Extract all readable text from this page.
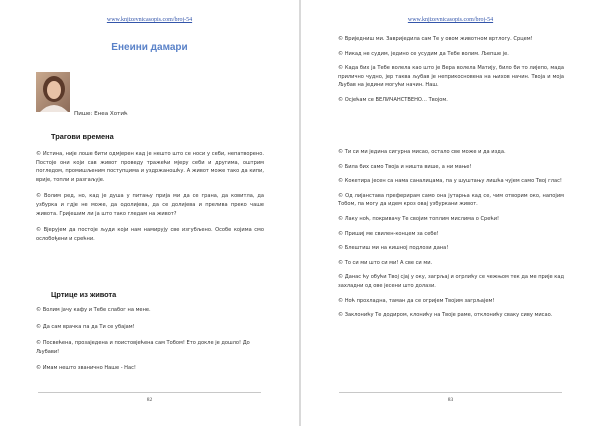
www.knjizevnicasopis.com/broj-54
Енеини дамари
Пише: Енеа Хотић
Трагови времена

© Истина, није лоше бити одмјерен кад је нешто што се носи у себи, непатворено. Постоје они који сав живот проведу тражећи мјеру себи и другима, оштрим погледом, промишљеним поступцима и уздржаношћу. А живот може тако да кипи, врије, топли и разгаљује.

© Волим ред, но, кад је душа у питању прија ми да се грана, да ковитла, да узбурка и гдје не може, да одолијева, да се долијева и прелива прeко чаше живота. Гријешим ли ја што тако гледам на живот?

© Вјерујем да постоје људи који нам намирују све изгубљено. Особе којима смо ослобођени и срећни.

Цртице из живота

© Волим јачу кафу и Тебе слабог на мене.

© Да сам врачка па да Ти се убајам!

© Посвећена, прoзаједена и поистовјећена сам Тобом! Ето докле је дошло! До Љубави!

© Имам нешто званично Наше - Нас!

82
www.knjizevnicasopis.com/broj-54

© Вриједниш ми. Завриједила сам Те у овом животном вртлогу. Срцем!

© Никад не судим, једино се усудим да Тебе волим. Љепше је.

© Када бих ја Тебе волела као што је Вера волела Матију, било би то лијепо, мада прилично чудно, јер таква љубав је неприкосновена на њихов начин. Твоја и моја Љубав на једини могући начин. Наш.

© Осјећам се ВЕЛИЧАНСТВЕНО… Твојом.

© Ти си ми једина сигурна мисао, остало све може и да изда.

© Била бих само Твоја и ништа више, а ни мање!

© Кокетира јесен са нама саналицама, па у шуштању лишћа чујем само Твој глас!

© Од лијанстава преферирам само она јутарња кад се, чим отворим око, напојим Тобом, па могу да идем кроз овај узбуркани живот.

© Лаку ноћ, покривачу Те својим топлим мислима о Срећи!

© Пришиј ме свилен-концем за себе!

© Блештиш ми на кишној подлози дана!

© То си ми што си ми! А све си ми.

© Данас ћу обући Твој сјај у оку, загрљај и огрлићу се чежњом тек да ме прије кад захладни од ове јесени што долази.

© Ноћ прохладна, таман да се огријем Твојим загрљајем!

© Заклонићу Те додиром, клонићу на Твоје раме, отклонићу сваку сиву мисао.

83
